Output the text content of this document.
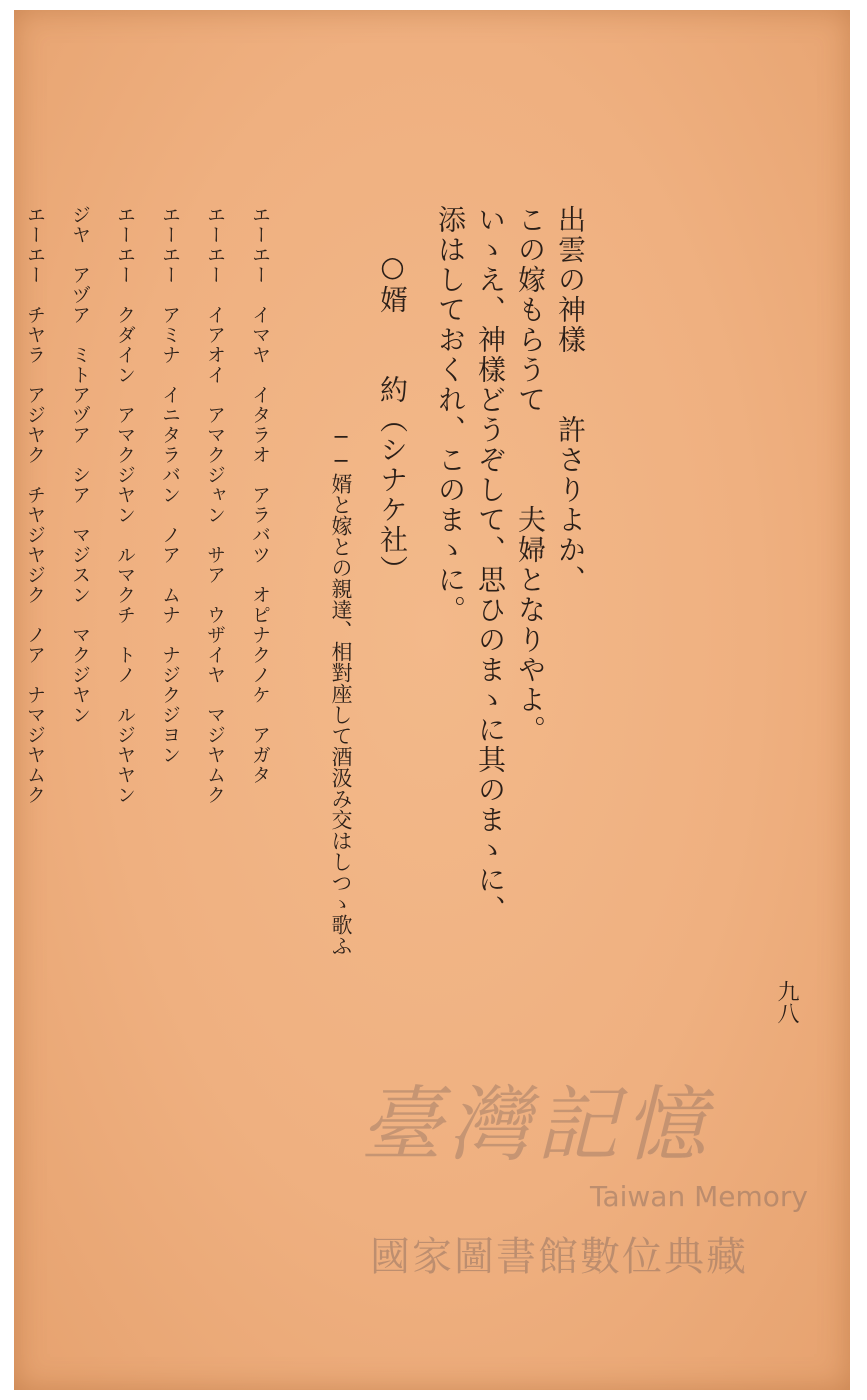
出雲の神樣　　許さりよか、
この嫁もらうて　　　夫婦となりやよ。
いゝえ、神樣どうぞして、思ひのまゝに其のまゝに、
添はしておくれ、このまゝに。
○婿　　約（シナケ社）
──婿と嫁との親達、相對座して酒汲み交はしつゝ歌ふ
エーエー　イマヤ　イタラオ　アラバツ　オピナクノケ　アガタ
エーエー　イアオイ　アマクジャン　サア　ウザイヤ　マジヤムク
エーエー　アミナ　イニタラバン　ノア　ムナ　ナジクジヨン
エーエー　クダイン　アマクジヤン　ルマクチ　トノ　ルジヤヤン
ジヤ　アヅア　ミトアヅア　シア　マジスン　マクジヤン
エーエー　チヤラ　アジヤク　チヤジヤジク　ノア　ナマジヤムク
九八
臺灣記憶
Taiwan Memory
國家圖書館數位典藏
